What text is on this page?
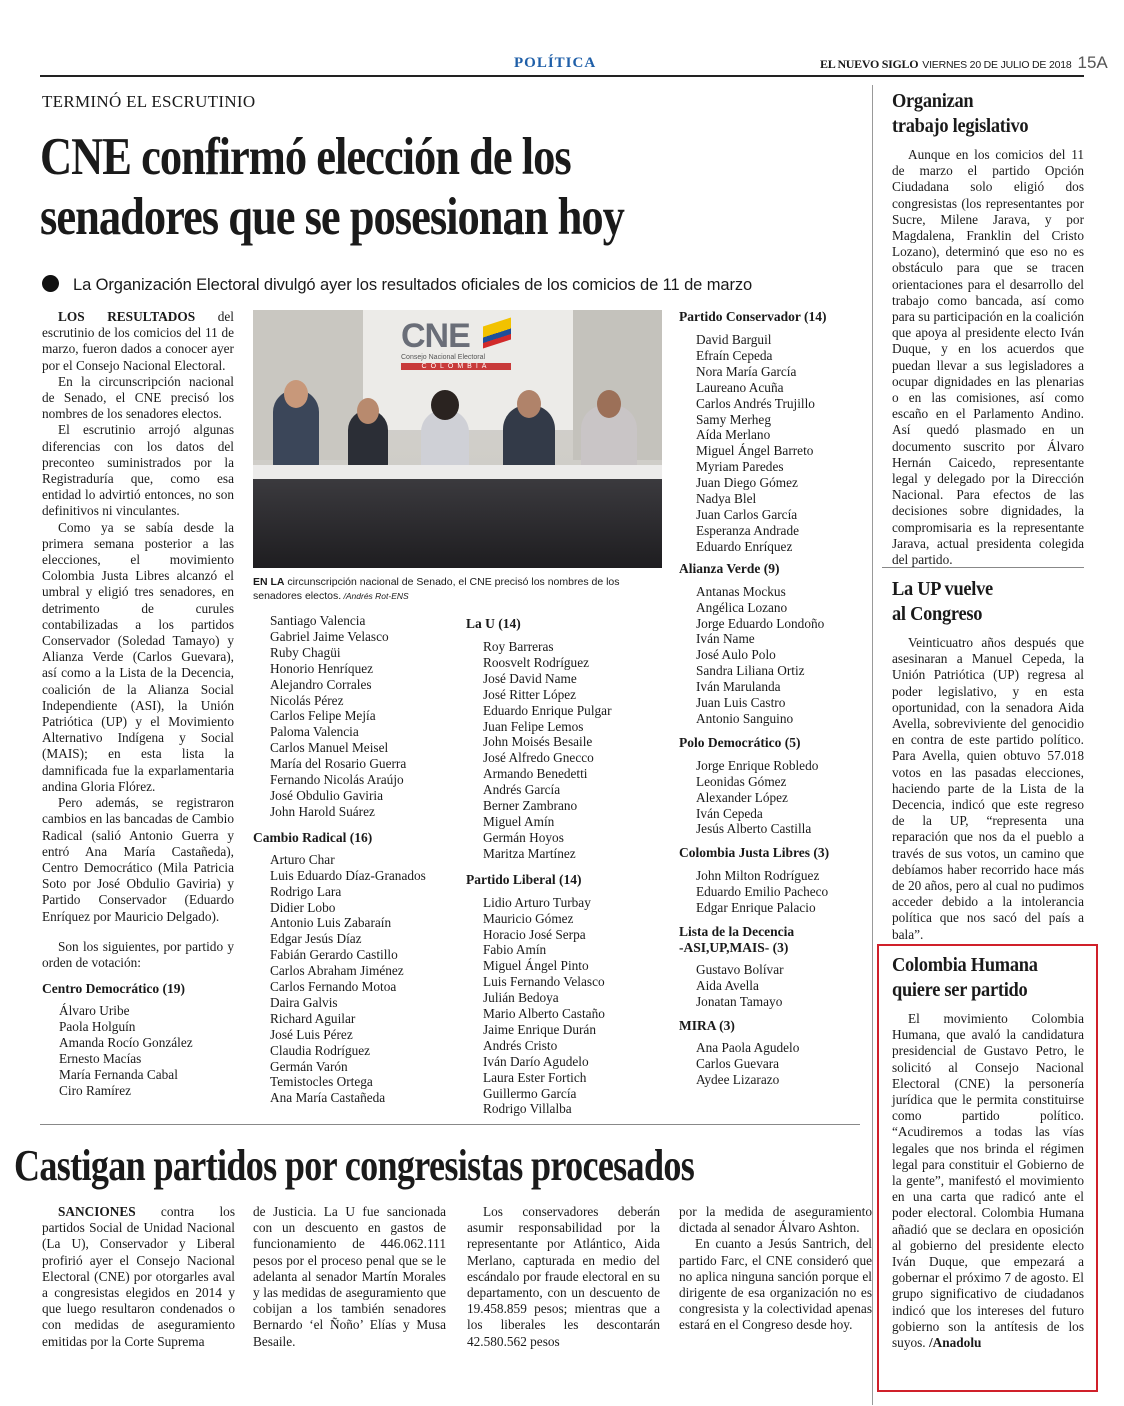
POLÍTICA	EL NUEVO SIGLO VIERNES 20 DE JULIO DE 2018 15A
TERMINÓ EL ESCRUTINIO
CNE confirmó elección de los
senadores que se posesionan hoy
La Organización Electoral divulgó ayer los resultados oficiales de los comicios de 11 de marzo

LOS RESULTADOS del escrutinio de los comicios del 11 de marzo, fueron dados a conocer ayer por el Consejo Nacional Electoral.

En la circunscripción nacional de Senado, el CNE precisó los nombres de los senadores electos.

El escrutinio arrojó algunas diferencias con los datos del preconteo suministrados por la Registraduría que, como esa entidad lo advirtió entonces, no son definitivos ni vinculantes.

Como ya se sabía desde la primera semana posterior a las elecciones, el movimiento Colombia Justa Libres alcanzó el umbral y eligió tres senadores, en detrimento de curules contabilizadas a los partidos Conservador (Soledad Tamayo) y Alianza Verde (Carlos Guevara), así como a la Lista de la Decencia, coalición de la Alianza Social Independiente (ASI), la Unión Patriótica (UP) y el Movimiento Alternativo Indígena y Social (MAIS); en esta lista la damnificada fue la exparlamentaria andina Gloria Flórez.

Pero además, se registraron cambios en las bancadas de Cambio Radical (salió Antonio Guerra y entró Ana María Castañeda), Centro Democrático (Mila Patricia Soto por José Obdulio Gaviria) y Partido Conservador (Eduardo Enríquez por Mauricio Delgado).

Son los siguientes, por partido y orden de votación:

Centro Democrático (19)
Álvaro Uribe
Paola Holguín
Amanda Rocío González
Ernesto Macías
María Fernanda Cabal
Ciro Ramírez
CNE
Consejo Nacional Electoral
COLOMBIA
EN LA circunscripción nacional de Senado, el CNE precisó los nombres de los senadores electos. /Andrés Rot-ENS
Santiago Valencia
Gabriel Jaime Velasco
Ruby Chagüi
Honorio Henríquez
Alejandro Corrales
Nicolás Pérez
Carlos Felipe Mejía
Paloma Valencia
Carlos Manuel Meisel
María del Rosario Guerra
Fernando Nicolás Araújo
José Obdulio Gaviria
John Harold Suárez
Cambio Radical (16)
Arturo Char
Luis Eduardo Díaz-Granados
Rodrigo Lara
Didier Lobo
Antonio Luis Zabaraín
Edgar Jesús Díaz
Fabián Gerardo Castillo
Carlos Abraham Jiménez
Carlos Fernando Motoa
Daira Galvis
Richard Aguilar
José Luis Pérez
Claudia Rodríguez
Germán Varón
Temistocles Ortega
Ana María Castañeda
La U (14)
Roy Barreras
Roosvelt Rodríguez
José David Name
José Ritter López
Eduardo Enrique Pulgar
Juan Felipe Lemos
John Moisés Besaile
José Alfredo Gnecco
Armando Benedetti
Andrés García
Berner Zambrano
Miguel Amín
Germán Hoyos
Maritza Martínez
Partido Liberal (14)
Lidio Arturo Turbay
Mauricio Gómez
Horacio José Serpa
Fabio Amín
Miguel Ángel Pinto
Luis Fernando Velasco
Julián Bedoya
Mario Alberto Castaño
Jaime Enrique Durán
Andrés Cristo
Iván Darío Agudelo
Laura Ester Fortich
Guillermo García
Rodrigo Villalba
Partido Conservador (14)
David Barguil
Efraín Cepeda
Nora María García
Laureano Acuña
Carlos Andrés Trujillo
Samy Merheg
Aída Merlano
Miguel Ángel Barreto
Myriam Paredes
Juan Diego Gómez
Nadya Blel
Juan Carlos García
Esperanza Andrade
Eduardo Enríquez
Alianza Verde (9)
Antanas Mockus
Angélica Lozano
Jorge Eduardo Londoño
Iván Name
José Aulo Polo
Sandra Liliana Ortiz
Iván Marulanda
Juan Luis Castro
Antonio Sanguino
Polo Democrático (5)
Jorge Enrique Robledo
Leonidas Gómez
Alexander López
Iván Cepeda
Jesús Alberto Castilla
Colombia Justa Libres (3)
John Milton Rodríguez
Eduardo Emilio Pacheco
Edgar Enrique Palacio
Lista de la Decencia
-ASI,UP,MAIS- (3)
Gustavo Bolívar
Aida Avella
Jonatan Tamayo
MIRA (3)
Ana Paola Agudelo
Carlos Guevara
Aydee Lizarazo
Castigan partidos por congresistas procesados

SANCIONES contra los partidos Social de Unidad Nacional (La U), Conservador y Liberal profirió ayer el Consejo Nacional Electoral (CNE) por otorgarles aval a congresistas elegidos en 2014 y que luego resultaron condenados o con medidas de aseguramiento emitidas por la Corte Suprema

de Justicia. La U fue sancionada con un descuento en gastos de funcionamiento de 446.062.111 pesos por el proceso penal que se le adelanta al senador Martín Morales y las medidas de aseguramiento que cobijan a los también senadores Bernardo ‘el Ñoño’ Elías y Musa Besaile.

Los conservadores deberán asumir responsabilidad por la representante por Atlántico, Aida Merlano, capturada en medio del escándalo por fraude electoral en su departamento, con un descuento de 19.458.859 pesos; mientras que a los liberales les descontarán 42.580.562 pesos

por la medida de aseguramiento dictada al senador Álvaro Ashton.

En cuanto a Jesús Santrich, del partido Farc, el CNE consideró que no aplica ninguna sanción porque el dirigente de esa organización no es congresista y la colectividad apenas estará en el Congreso desde hoy.

Organizan
trabajo legislativo

Aunque en los comicios del 11 de marzo el partido Opción Ciudadana solo eligió dos congresistas (los representantes por Sucre, Milene Jarava, y por Magdalena, Franklin del Cristo Lozano), determinó que eso no es obstáculo para que se tracen orientaciones para el desarrollo del trabajo como bancada, así como para su participación en la coalición que apoya al presidente electo Iván Duque, y en los acuerdos que puedan llevar a sus legisladores a ocupar dignidades en las plenarias o en las comisiones, así como escaño en el Parlamento Andino. Así quedó plasmado en un documento suscrito por Álvaro Hernán Caicedo, representante legal y delegado por la Dirección Nacional. Para efectos de las decisiones sobre dignidades, la compromisaria es la representante Jarava, actual presidenta colegida del partido.

La UP vuelve
al Congreso

Veinticuatro años después que asesinaran a Manuel Cepeda, la Unión Patriótica (UP) regresa al poder legislativo, y en esta oportunidad, con la senadora Aida Avella, sobreviviente del genocidio en contra de este partido político. Para Avella, quien obtuvo 57.018 votos en las pasadas elecciones, haciendo parte de la Lista de la Decencia, indicó que este regreso de la UP, “representa una reparación que nos da el pueblo a través de sus votos, un camino que debíamos haber recorrido hace más de 20 años, pero al cual no pudimos acceder debido a la intolerancia política que nos sacó del país a bala”.

Colombia Humana
quiere ser partido

El movimiento Colombia Humana, que avaló la candidatura presidencial de Gustavo Petro, le solicitó al Consejo Nacional Electoral (CNE) la personería jurídica que le permita constituirse como partido político. “Acudiremos a todas las vías legales que nos brinda el régimen legal para constituir el Gobierno de la gente”, manifestó el movimiento en una carta que radicó ante el poder electoral. Colombia Humana añadió que se declara en oposición al gobierno del presidente electo Iván Duque, que empezará a gobernar el próximo 7 de agosto. El grupo significativo de ciudadanos indicó que los intereses del futuro gobierno son la antítesis de los suyos. /Anadolu
